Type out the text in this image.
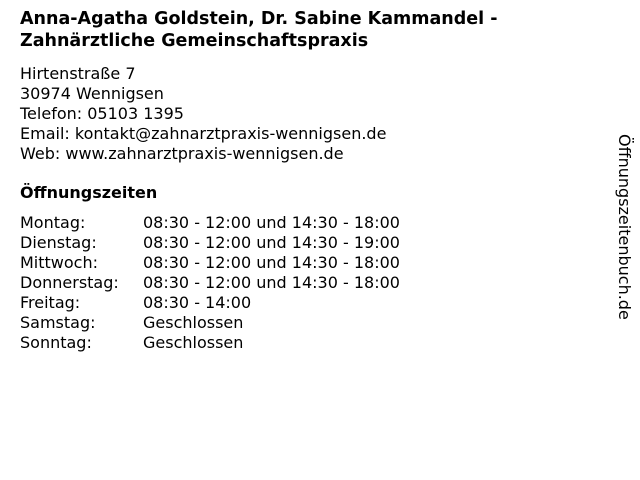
Anna-Agatha Goldstein, Dr. Sabine Kammandel - Zahnärztliche Gemeinschaftspraxis
Hirtenstraße 7
30974 Wennigsen
Telefon: 05103 1395
Email: kontakt@zahnarztpraxis-wennigsen.de
Web: www.zahnarztpraxis-wennigsen.de
Öffnungszeiten
Montag:	08:30 - 12:00 und 14:30 - 18:00
Dienstag:	08:30 - 12:00 und 14:30 - 19:00
Mittwoch:	08:30 - 12:00 und 14:30 - 18:00
Donnerstag:	08:30 - 12:00 und 14:30 - 18:00
Freitag:	08:30 - 14:00
Samstag:	Geschlossen
Sonntag:	Geschlossen
Öffnungszeitenbuch.de
